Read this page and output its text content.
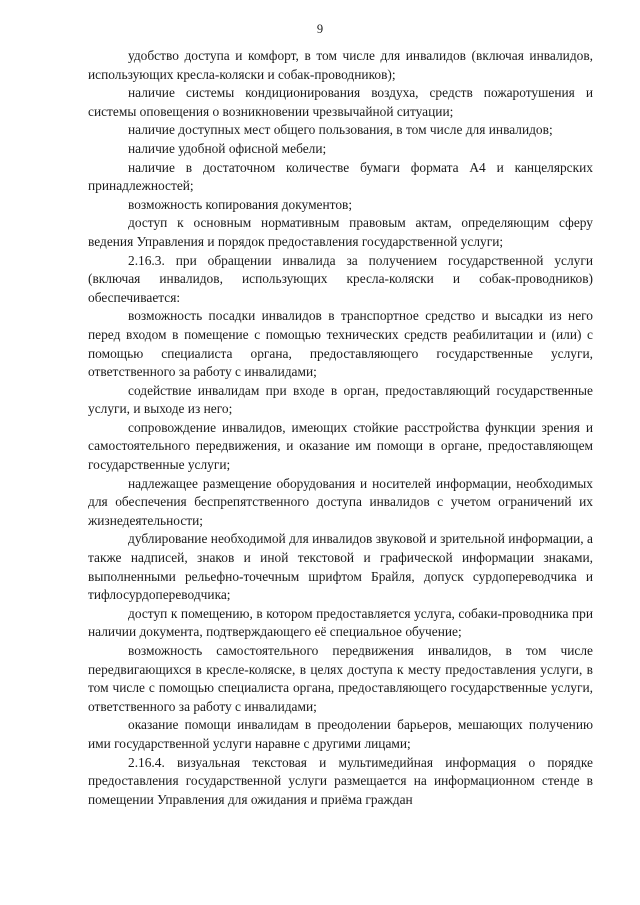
9

удобство доступа и комфорт, в том числе для инвалидов (включая инвалидов, использующих кресла-коляски и собак-проводников);

наличие системы кондиционирования воздуха, средств пожаротушения и системы оповещения о возникновении чрезвычайной ситуации;

наличие доступных мест общего пользования, в том числе для инвалидов;

наличие удобной офисной мебели;

наличие в достаточном количестве бумаги формата А4 и канцелярских принадлежностей;

возможность копирования документов;

доступ к основным нормативным правовым актам, определяющим сферу ведения Управления и порядок предоставления государственной услуги;

2.16.3. при обращении инвалида за получением государственной услуги (включая инвалидов, использующих кресла-коляски и собак-проводников) обеспечивается:

возможность посадки инвалидов в транспортное средство и высадки из него перед входом в помещение с помощью технических средств реабилитации и (или) с помощью специалиста органа, предоставляющего государственные услуги, ответственного за работу с инвалидами;

содействие инвалидам при входе в орган, предоставляющий государственные услуги, и выходе из него;

сопровождение инвалидов, имеющих стойкие расстройства функции зрения и самостоятельного передвижения, и оказание им помощи в органе, предоставляющем государственные услуги;

надлежащее размещение оборудования и носителей информации, необходимых для обеспечения беспрепятственного доступа инвалидов с учетом ограничений их жизнедеятельности;

дублирование необходимой для инвалидов звуковой и зрительной информации, а также надписей, знаков и иной текстовой и графической информации знаками, выполненными рельефно-точечным шрифтом Брайля, допуск сурдопереводчика и тифлосурдопереводчика;

доступ к помещению, в котором предоставляется услуга, собаки-проводника при наличии документа, подтверждающего её специальное обучение;

возможность самостоятельного передвижения инвалидов, в том числе передвигающихся в кресле-коляске, в целях доступа к месту предоставления услуги, в том числе с помощью специалиста органа, предоставляющего государственные услуги, ответственного за работу с инвалидами;

оказание помощи инвалидам в преодолении барьеров, мешающих получению ими государственной услуги наравне с другими лицами;

2.16.4. визуальная текстовая и мультимедийная информация о порядке предоставления государственной услуги размещается на информационном стенде в помещении Управления для ожидания и приёма граждан
